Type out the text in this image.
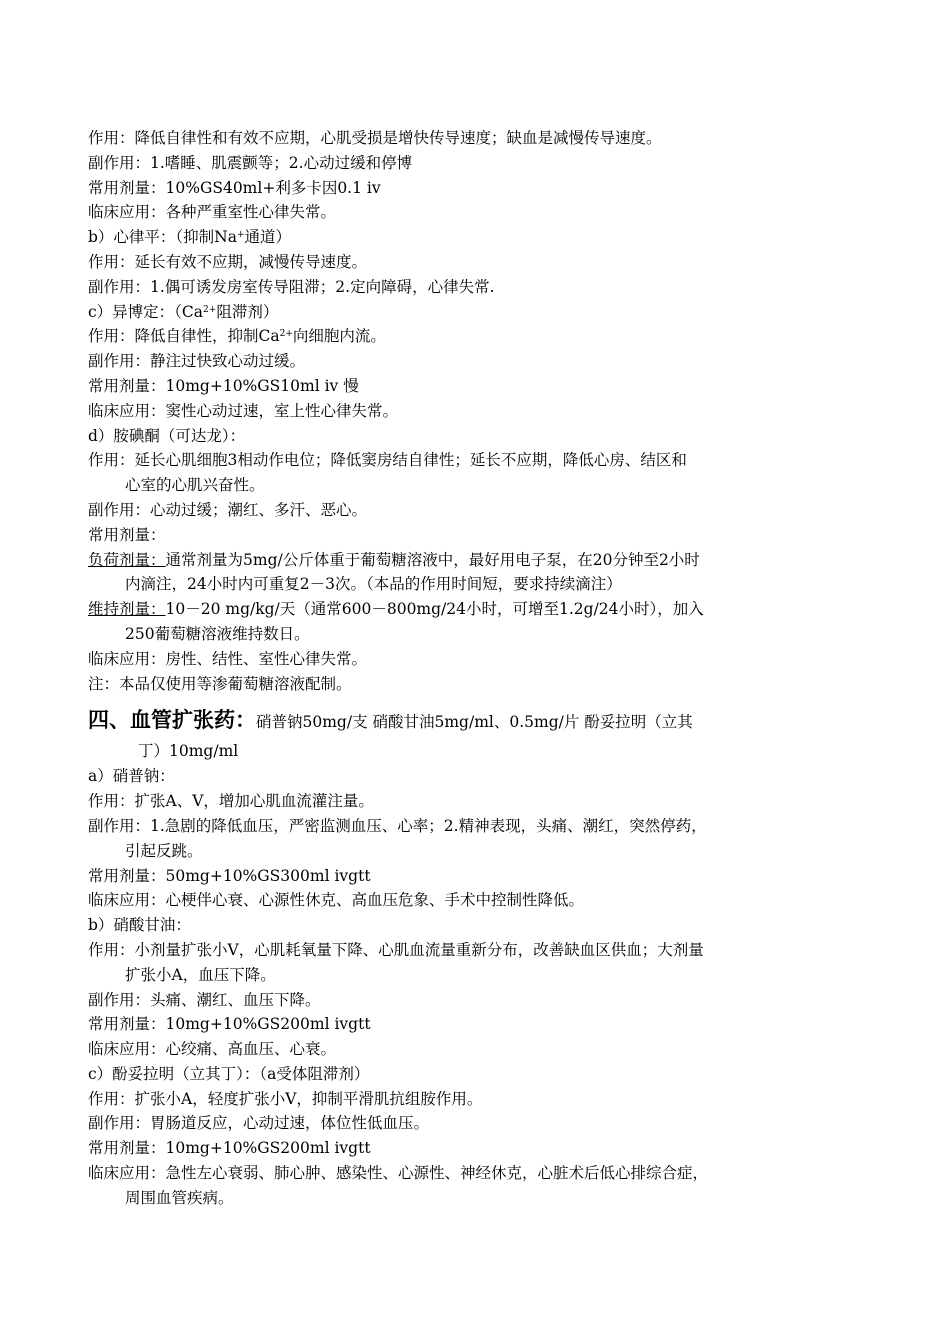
作用：降低自律性和有效不应期，心肌受损是增快传导速度；缺血是减慢传导速度。
副作用：1.嗜睡、肌震颤等；2.心动过缓和停博
常用剂量：10%GS40ml+利多卡因0.1 iv
临床应用：各种严重室性心律失常。
b）心律平：（抑制Na+通道）
作用：延长有效不应期，减慢传导速度。
副作用：1.偶可诱发房室传导阻滞；2.定向障碍，心律失常.
c）异博定：（$Ca^{2+}$阻滞剂）
作用：降低自律性，抑制$Ca^{2+}$向细胞内流。
副作用：静注过快致心动过缓。
常用剂量：10mg+10%GS10ml iv 慢
临床应用：窦性心动过速，室上性心律失常。
d）胺碘酮（可达龙）：
作用：延长心肌细胞3相动作电位；降低窦房结自律性；延长不应期，降低心房、结区和
心室的心肌兴奋性。
副作用：心动过缓；潮红、多汗、恶心。
常用剂量：
负荷剂量：通常剂量为5mg/公斤体重于葡萄糖溶液中，最好用电子泵，在20分钟至2小时
内滴注，24小时内可重复2－3次。（本品的作用时间短，要求持续滴注）
维持剂量：10－20 mg/kg/天（通常600－800mg/24小时，可增至1.2g/24小时），加入
250葡萄糖溶液维持数日。
临床应用：房性、结性、室性心律失常。
注：本品仅使用等渗葡萄糖溶液配制。
四、血管扩张药：硝普钠50mg/支 硝酸甘油5mg/ml、0.5mg/片 酚妥拉明（立其
丁）10mg/ml
a）硝普钠：
作用：扩张A、V，增加心肌血流灌注量。
副作用：1.急剧的降低血压，严密监测血压、心率；2.精神表现，头痛、潮红，突然停药，
引起反跳。
常用剂量：50mg+10%GS300ml ivgtt
临床应用：心梗伴心衰、心源性休克、高血压危象、手术中控制性降低。
b）硝酸甘油：
作用：小剂量扩张小V，心肌耗氧量下降、心肌血流量重新分布，改善缺血区供血；大剂量
扩张小A，血压下降。
副作用：头痛、潮红、血压下降。
常用剂量：10mg+10%GS200ml ivgtt
临床应用：心绞痛、高血压、心衰。
c）酚妥拉明（立其丁）：（a受体阻滞剂）
作用：扩张小A，轻度扩张小V，抑制平滑肌抗组胺作用。
副作用：胃肠道反应，心动过速，体位性低血压。
常用剂量：10mg+10%GS200ml ivgtt
临床应用：急性左心衰弱、肺心肿、感染性、心源性、神经休克，心脏术后低心排综合症，
周围血管疾病。
